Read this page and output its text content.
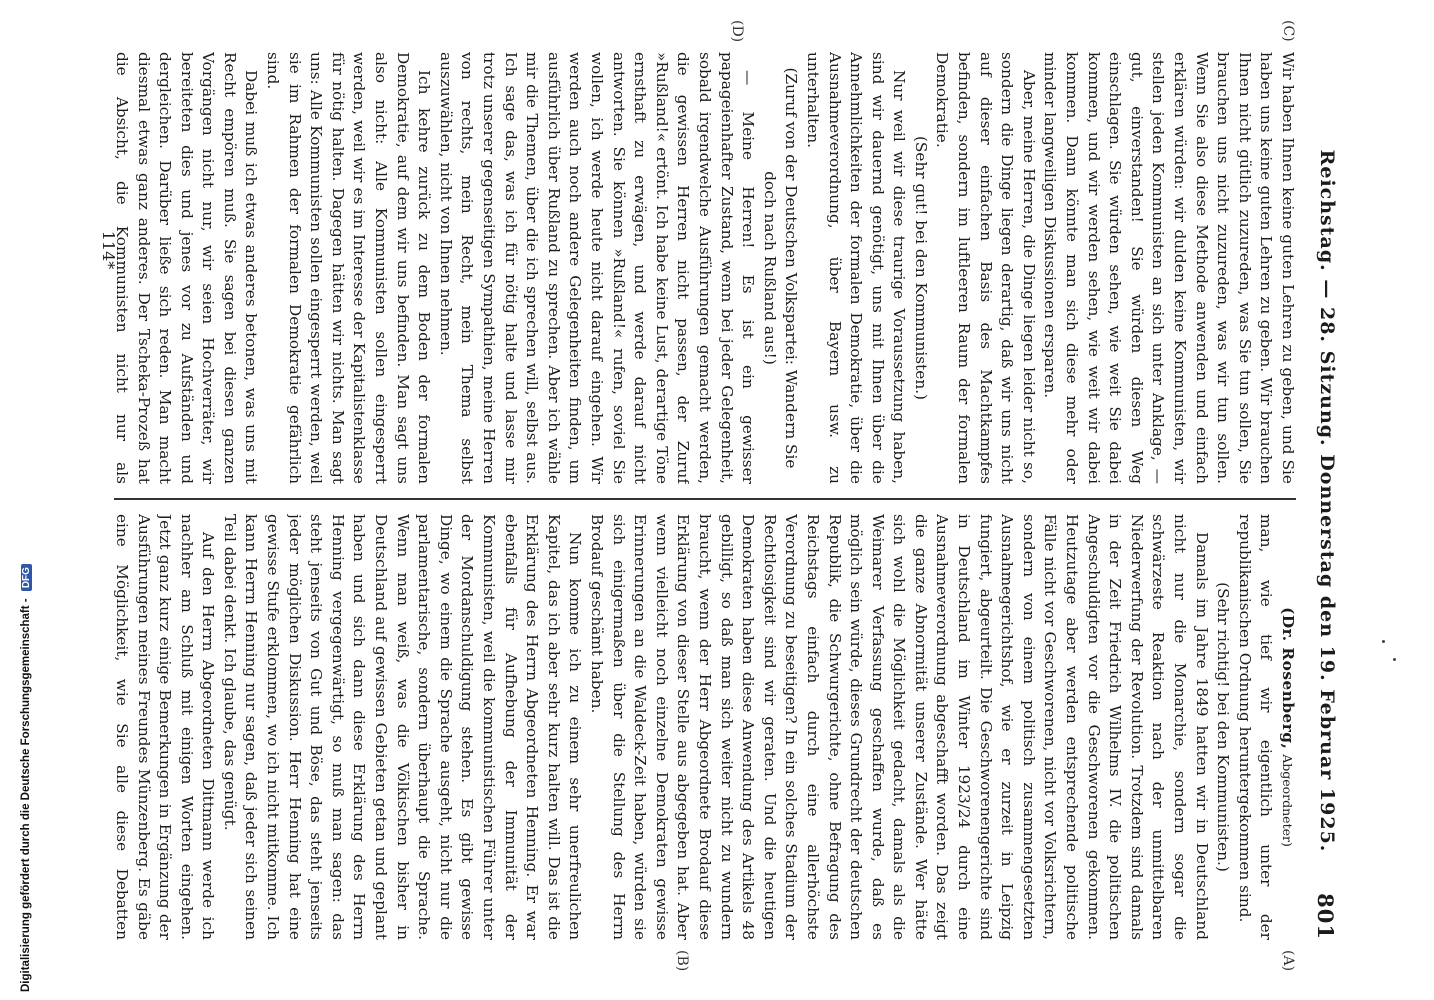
Reichstag. — 28. Sitzung. Donnerstag den 19. Februar 1925.
801

Wir haben Ihnen keine guten Lehren zu geben, und Sie haben uns keine guten Lehren zu geben. Wir brauchen Ihnen nicht gütlich zuzureden, was Sie tun sollen, Sie brauchen uns nicht zuzureden, was wir tun sollen. Wenn Sie also diese Methode anwenden und einfach erklären würden: wir dulden keine Kommunisten, wir stellen jeden Kommunisten an sich unter Anklage, — gut, einverstanden! Sie würden diesen Weg einschlagen. Sie würden sehen, wie weit Sie dabei kommen, und wir werden sehen, wie weit wir dabei kommen. Dann könnte man sich diese mehr oder minder langweiligen Diskussionen ersparen.

Aber, meine Herren, die Dinge liegen leider nicht so, sondern die Dinge liegen derartig, daß wir uns nicht auf dieser einfachen Basis des Machtkampfes befinden, sondern im luftleeren Raum der formalen Demokratie.

(Sehr gut! bei den Kommunisten.)

Nur weil wir diese traurige Voraussetzung haben, sind wir dauernd genötigt, uns mit Ihnen über die Annehmlichkeiten der formalen Demokratie, über die Ausnahmeverordnung, über Bayern usw. zu unterhalten.

(Zuruf von der Deutschen Volkspartei: Wandern Sie doch nach Rußland aus!)

— Meine Herren! Es ist ein gewisser papageienhafter Zustand, wenn bei jeder Gelegenheit, sobald irgendwelche Ausführungen gemacht werden, die gewissen Herren nicht passen, der Zuruf »Rußland!« ertönt. Ich habe keine Lust, derartige Töne ernsthaft zu erwägen, und werde darauf nicht antworten. Sie können »Rußland!« rufen, soviel Sie wollen, ich werde heute nicht darauf eingehen. Wir werden auch noch andere Gelegenheiten finden, um ausführlich über Rußland zu sprechen. Aber ich wähle mir die Themen, über die ich sprechen will, selbst aus. Ich sage das, was ich für nötig halte und lasse mir trotz unserer gegenseitigen Sympathien, meine Herren von rechts, mein Recht, mein Thema selbst auszuwählen, nicht von Ihnen nehmen.

Ich kehre zurück zu dem Boden der formalen Demokratie, auf dem wir uns befinden. Man sagt uns also nicht: Alle Kommunisten sollen eingesperrt werden, weil wir es im Interesse der Kapitalistenklasse für nötig halten. Dagegen hätten wir nichts. Man sagt uns: Alle Kommunisten sollen eingesperrt werden, weil sie im Rahmen der formalen Demokratie gefährlich sind.

Dabei muß ich etwas anderes betonen, was uns mit Recht empören muß. Sie sagen bei diesen ganzen Vorgängen nicht nur, wir seien Hochverräter, wir bereiteten dies und jenes vor zu Aufständen und dergleichen. Darüber ließe sich reden. Man macht diesmal etwas ganz anderes. Der Tscheka-Prozeß hat die Absicht, die Kommunisten nicht nur als

(C)
(D)

(Dr. Rosenberg, Abgeordneter)

man, wie tief wir eigentlich unter der republikanischen Ordnung heruntergekommen sind.

(Sehr richtig! bei den Kommunisten.)

Damals im Jahre 1849 hatten wir in Deutschland nicht nur die Monarchie, sondern sogar die schwärzeste Reaktion nach der unmittelbaren Niederwerfung der Revolution. Trotzdem sind damals in der Zeit Friedrich Wilhelms IV. die politischen Angeschuldigten vor die Geschworenen gekommen. Heutzutage aber werden entsprechende politische Fälle nicht vor Geschworenen, nicht vor Volksrichtern, sondern von einem politisch zusammengesetzten Ausnahmegerichtshof, wie er zurzeit in Leipzig fungiert, abgeurteilt. Die Geschworenengerichte sind in Deutschland im Winter 1923/24 durch eine Ausnahmeverordnung abgeschafft worden. Das zeigt die ganze Abnormität unserer Zustände. Wer hätte sich wohl die Möglichkeit gedacht, damals als die Weimarer Verfassung geschaffen wurde, daß es möglich sein würde, dieses Grundrecht der deutschen Republik, die Schwurgerichte, ohne Befragung des Reichstags einfach durch eine allerhöchste Verordnung zu beseitigen? In ein solches Stadium der Rechtlosigkeit sind wir geraten. Und die heutigen Demokraten haben diese Anwendung des Artikels 48 gebilligt, so daß man sich weiter nicht zu wundern braucht, wenn der Herr Abgeordnete Brodauf diese Erklärung von dieser Stelle aus abgegeben hat. Aber wenn vielleicht noch einzelne Demokraten gewisse Erinnerungen an die Waldeck-Zeit haben, würden sie sich einigermaßen über die Stellung des Herrn Brodauf geschämt haben.

Nun komme ich zu einem sehr unerfreulichen Kapitel, das ich aber sehr kurz halten will. Das ist die Erklärung des Herrn Abgeordneten Henning. Er war ebenfalls für Aufhebung der Immunität der Kommunisten, weil die kommunistischen Führer unter der Mordanschuldigung stehen. Es gibt gewisse Dinge, wo einem die Sprache ausgeht, nicht nur die parlamentarische, sondern überhaupt die Sprache. Wenn man weiß, was die Völkischen bisher in Deutschland auf gewissen Gebieten getan und geplant haben und sich dann diese Erklärung des Herrn Henning vergegenwärtigt, so muß man sagen: das steht jenseits von Gut und Böse, das steht jenseits jeder möglichen Diskussion. Herr Henning hat eine gewisse Stufe erklommen, wo ich nicht mitkomme. Ich kann Herrn Henning nur sagen, daß jeder sich seinen Teil dabei denkt. Ich glaube, das genügt.

Auf den Herrn Abgeordneten Dittmann werde ich nachher am Schluß mit einigen Worten eingehen. Jetzt ganz kurz einige Bemerkungen in Ergänzung der Ausführungen meines Freundes Münzenberg. Es gäbe eine Möglichkeit, wie Sie alle diese Debatten

(A)
(B)
114*
Digitalisierung gefördert durch die Deutsche Forschungsgemeinschaft - DFG
